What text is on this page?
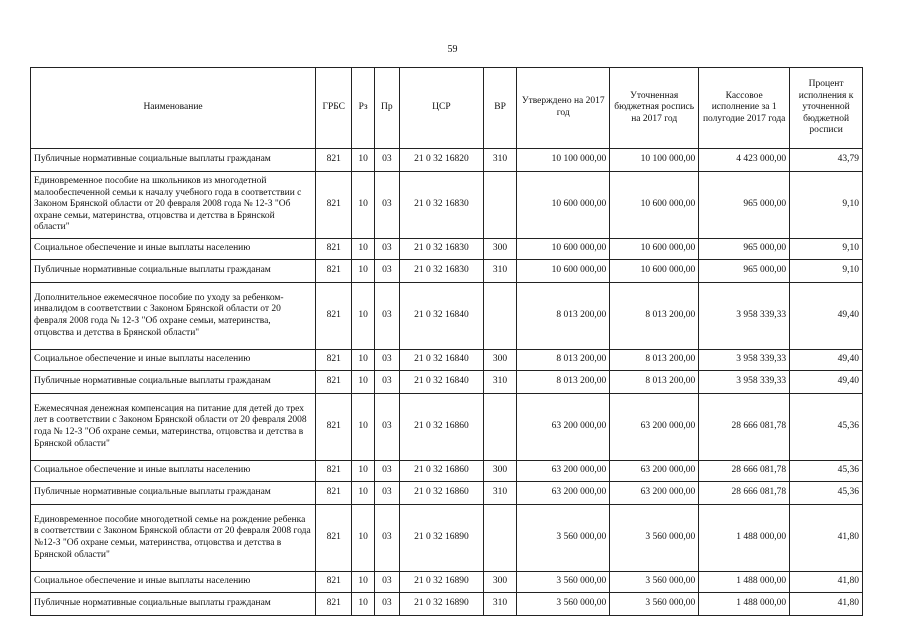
59
Наименование	ГРБС	Рз	Пр	ЦСР	ВР	Утверждено на 2017 год	Уточненная бюджетная роспись на 2017 год	Кассовое исполнение за 1 полугодие 2017 года	Процент исполнения к уточненной бюджетной росписи
Публичные нормативные социальные выплаты гражданам	821	10	03	21 0 32 16820	310	10 100 000,00	10 100 000,00	4 423 000,00	43,79
Единовременное пособие на школьников из многодетной малообеспеченной семьи к началу учебного года в соответствии с Законом Брянской области от 20 февраля 2008 года № 12-З "Об охране семьи, материнства, отцовства и детства в Брянской области"	821	10	03	21 0 32 16830		10 600 000,00	10 600 000,00	965 000,00	9,10
Социальное обеспечение и иные выплаты населению	821	10	03	21 0 32 16830	300	10 600 000,00	10 600 000,00	965 000,00	9,10
Публичные нормативные социальные выплаты гражданам	821	10	03	21 0 32 16830	310	10 600 000,00	10 600 000,00	965 000,00	9,10
Дополнительное ежемесячное пособие по уходу за ребенком-инвалидом в соответствии с Законом Брянской области от 20 февраля 2008 года № 12-З "Об охране семьи, материнства, отцовства и детства в Брянской области"	821	10	03	21 0 32 16840		8 013 200,00	8 013 200,00	3 958 339,33	49,40
Социальное обеспечение и иные выплаты населению	821	10	03	21 0 32 16840	300	8 013 200,00	8 013 200,00	3 958 339,33	49,40
Публичные нормативные социальные выплаты гражданам	821	10	03	21 0 32 16840	310	8 013 200,00	8 013 200,00	3 958 339,33	49,40
Ежемесячная денежная компенсация на питание для детей до трех лет в соответствии с Законом Брянской области от 20 февраля 2008 года № 12-З "Об охране семьи, материнства, отцовства и детства в Брянской области"	821	10	03	21 0 32 16860		63 200 000,00	63 200 000,00	28 666 081,78	45,36
Социальное обеспечение и иные выплаты населению	821	10	03	21 0 32 16860	300	63 200 000,00	63 200 000,00	28 666 081,78	45,36
Публичные нормативные социальные выплаты гражданам	821	10	03	21 0 32 16860	310	63 200 000,00	63 200 000,00	28 666 081,78	45,36
Единовременное пособие многодетной семье на рождение ребенка в соответствии с Законом Брянской области от 20 февраля 2008 года №12-З "Об охране семьи, материнства, отцовства и детства в Брянской области"	821	10	03	21 0 32 16890		3 560 000,00	3 560 000,00	1 488 000,00	41,80
Социальное обеспечение и иные выплаты населению	821	10	03	21 0 32 16890	300	3 560 000,00	3 560 000,00	1 488 000,00	41,80
Публичные нормативные социальные выплаты гражданам	821	10	03	21 0 32 16890	310	3 560 000,00	3 560 000,00	1 488 000,00	41,80
